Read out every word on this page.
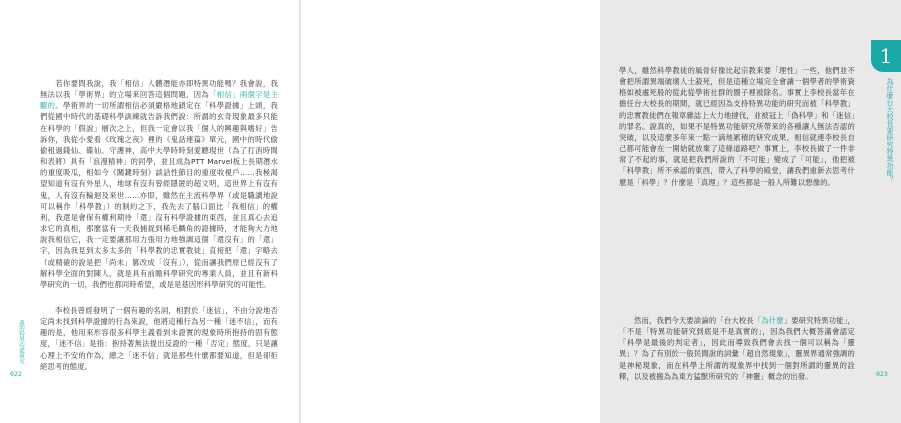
我的特異功能研究
　　若你要問我說，我「相信」人體潛能亦即特異功能嗎？我會說，我無法以我「學術界」的立場來回答這個問題，因為「相信」兩個字是主觀的。學術界的一切所謂相信必須嚴格地鎖定在「科學證據」上頭，我們從國中時代的基礎科學訓練就告訴我們說：所謂的玄奇現象最多只能在科學的「假說」層次之上，但我一定會以我「個人的興趣與嗜好」告訴你，我從小愛看《玫瑰之夜》裡的《鬼話連篇》單元，國中的時代偷偷租過錢仙、碟仙、守護神，高中大學時時刻愛聽現世（為了打消時間和表將）具有「浪漫精神」的同學，並且成為PTT Marvel板上長期潛水的重度吸瓜，相如今《關鍵時刻》談話性節目的重度收視戶……我極渴望知道有沒有外星人，地球有沒有曾經隱匿的超文明，這世界上有沒有鬼，人有沒有輪迴及來世……亦即，雖然在主流科學界（或是職讀地說可以稱作「科學教」）的制約之下，我先去了腦口面比「我相信」的權利，我還是會保有權利期待「還」沒有科學證據的東西，並且真心去追求它的真相，那麼當有一天我捕捉到稀毛麟角的證據時，才能夠大力地說我相信它，我一定要讓那用力張用力地強調這個「還沒有」的「還」字，因為我見到太多太多的「科學教的忠實教徒」直接把「還」字略去（或精確的說是把「尚未」篡改成「沒有」），從而讓我們原已經沒有了解科學全面的對陳人，就是具有前瞻科學研究的專業人員，並且有新科學研究的一切，我們也都同時希望，或是是基因形科學研究的可能性。
　　李校長曾經發明了一個有趣的名詞，相對於「迷信」，不由分說地否定尚未找到科學證據的行為來說，他將這種行為另一種「迷不信」，而有趣的是，他用來形容很多科學主義看到未證實的現象時所抱持的固有態度，「迷不信」是指：抱持著無法提出反證的一種「否定」態度，只是讓心理上不安的作為，總之「迷不信」就是那些什麼都要知道，但是卻拒絕思考的態度。
022
1
為什麼台大校長要研究特異功能？
學人，雖然科學教徒的風骨好像比起宗教來要「理性」一些，他們並不會把所謂異端破壞人士殺死，但是這種立場完全會讓一個學者的學術資格如被處死般的從此從學術社群的圈子裡被除名。事實上李校長當年在擔任台大校長的期間，就已經因為支持特異功能的研究而被「科學教」的忠實教徒們在報章雜誌上大力地撻伐，並被冠上「偽科學」和「迷信」的罪名。說真的，如果不是特異功能研究所帶來的各種讓人無法否認的突破，以及這麼多年來一點一滴地累積的研究成果，相信就連李校長自己都可能會在一開始就放棄了這條道路吧？事實上，李校長做了一件非常了不起的事，就是把我們所說的「不可能」變成了「可能」，他把被「科學教」所不承認的東西，帶入了科學的殿堂，讓我們重新去思考什麼是「科學」？什麼是「真理」？這些都是一般人所難以想像的。
　　然而，我們今天要談論的「台大校長「為什麼」要研究特異功能」，「不是「特異功能研究到底是不是真實的」，因為我們大概答滿會認定「科學是最後的判定者」，因此而導致我們會去找一個可以稱為「靈異」？為了有別於一般民間說的詞彙「超自然現象」，靈異界通常強調的是神秘現象，而在科學上所謂的現象界中找到一個對所謂的靈異的詮釋，以及被搬為為東方猛獸所研究的「神靈」概念的出發。	023
